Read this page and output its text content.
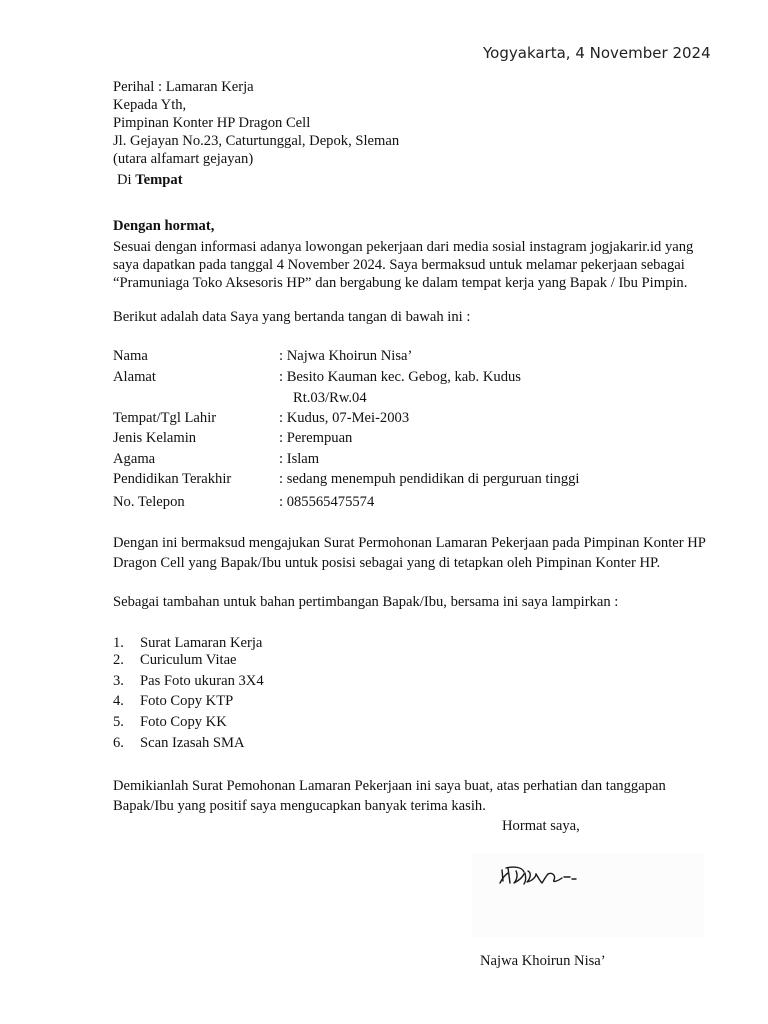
Yogyakarta, 4 November 2024
Perihal : Lamaran Kerja
Kepada Yth,
Pimpinan Konter HP Dragon Cell
Jl. Gejayan No.23, Caturtunggal, Depok, Sleman
(utara alfamart gejayan)
Di Tempat
Dengan hormat,
Sesuai dengan informasi adanya lowongan pekerjaan dari media sosial instagram jogjakarir.id yang saya dapatkan pada tanggal 4 November 2024. Saya bermaksud untuk melamar pekerjaan sebagai “Pramuniaga Toko Aksesoris HP” dan bergabung ke dalam tempat kerja yang Bapak / Ibu Pimpin.
Berikut adalah data Saya yang bertanda tangan di bawah ini :
Nama	: Najwa Khoirun Nisa’
Alamat	: Besito Kauman kec. Gebog, kab. Kudus
Rt.03/Rw.04
Tempat/Tgl Lahir	: Kudus, 07-Mei-2003
Jenis Kelamin	: Perempuan
Agama	: Islam
Pendidikan Terakhir	: sedang menempuh pendidikan di perguruan tinggi
No. Telepon	: 085565475574
Dengan ini bermaksud mengajukan Surat Permohonan Lamaran Pekerjaan pada Pimpinan Konter HP Dragon Cell yang Bapak/Ibu untuk posisi sebagai yang di tetapkan oleh Pimpinan Konter HP.
Sebagai tambahan untuk bahan pertimbangan Bapak/Ibu, bersama ini saya lampirkan :
1. Surat Lamaran Kerja
2. Curiculum Vitae
3. Pas Foto ukuran 3X4
4. Foto Copy KTP
5. Foto Copy KK
6. Scan Izasah SMA
Demikianlah Surat Pemohonan Lamaran Pekerjaan ini saya buat, atas perhatian dan tanggapan Bapak/Ibu yang positif saya mengucapkan banyak terima kasih.
Hormat saya,
Najwa Khoirun Nisa’
